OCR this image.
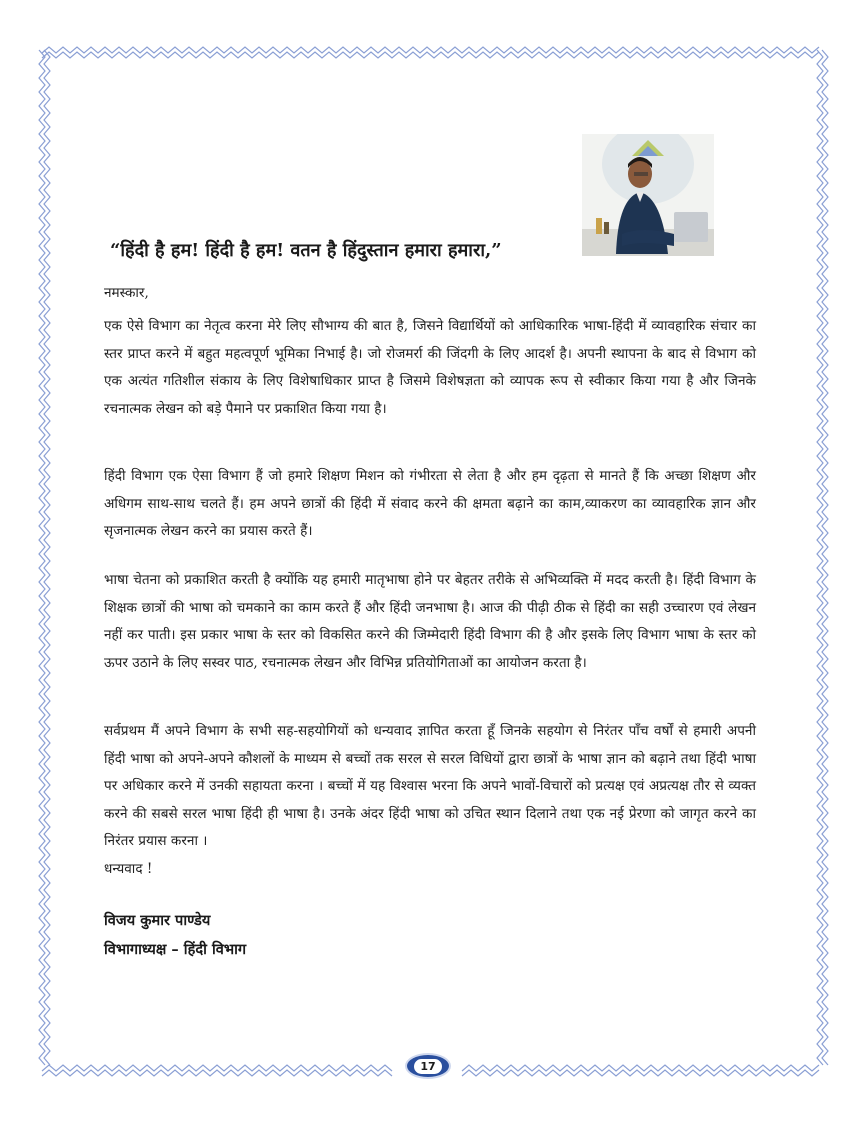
“हिंदी है हम! हिंदी है हम! वतन है हिंदुस्तान हमारा हमारा,”
नमस्कार,
एक ऐसे विभाग का नेतृत्व करना मेरे लिए सौभाग्य की बात है, जिसने विद्यार्थियों को आधिकारिक भाषा-हिंदी में व्यावहारिक संचार का स्तर प्राप्त करने में बहुत महत्वपूर्ण भूमिका निभाई है। जो रोजमर्रा की जिंदगी के लिए आदर्श है। अपनी स्थापना के बाद से विभाग को एक अत्यंत गतिशील संकाय के लिए विशेषाधिकार प्राप्त है जिसमे विशेषज्ञता को व्यापक रूप से स्वीकार किया गया है और जिनके रचनात्मक लेखन को बड़े पैमाने पर प्रकाशित किया गया है।
हिंदी विभाग एक ऐसा विभाग हैं जो हमारे शिक्षण मिशन को गंभीरता से लेता है और हम दृढ़ता से मानते हैं कि अच्छा शिक्षण और अधिगम साथ-साथ चलते हैं। हम अपने छात्रों की हिंदी में संवाद करने की क्षमता बढ़ाने का काम,व्याकरण का व्यावहारिक ज्ञान और सृजनात्मक लेखन करने का प्रयास करते हैं।
भाषा चेतना को प्रकाशित करती है क्योंकि यह हमारी मातृभाषा होने पर बेहतर तरीके से अभिव्यक्ति में मदद करती है। हिंदी विभाग के शिक्षक छात्रों की भाषा को चमकाने का काम करते हैं और हिंदी जनभाषा है। आज की पीढ़ी ठीक से हिंदी का सही उच्चारण एवं लेखन नहीं कर पाती। इस प्रकार भाषा के स्तर को विकसित करने की जिम्मेदारी हिंदी विभाग की है और इसके लिए विभाग भाषा के स्तर को ऊपर उठाने के लिए सस्वर पाठ, रचनात्मक लेखन और विभिन्न प्रतियोगिताओं का आयोजन करता है।
सर्वप्रथम मैं अपने विभाग के सभी सह-सहयोगियों को धन्यवाद ज्ञापित करता हूँ जिनके सहयोग से निरंतर पाँच वर्षों से हमारी अपनी हिंदी भाषा को अपने-अपने कौशलों के माध्यम से बच्चों तक सरल से सरल विधियों द्वारा छात्रों के भाषा ज्ञान को बढ़ाने तथा हिंदी भाषा पर अधिकार करने में उनकी सहायता करना । बच्चों में यह विश्वास भरना कि अपने भावों-विचारों को प्रत्यक्ष एवं अप्रत्यक्ष तौर से व्यक्त करने की सबसे सरल भाषा हिंदी ही भाषा है। उनके अंदर हिंदी भाषा को उचित स्थान दिलाने तथा एक नई प्रेरणा को जागृत करने का निरंतर प्रयास करना ।
धन्यवाद !
विजय कुमार पाण्डेय
विभागाध्यक्ष – हिंदी विभाग
17
